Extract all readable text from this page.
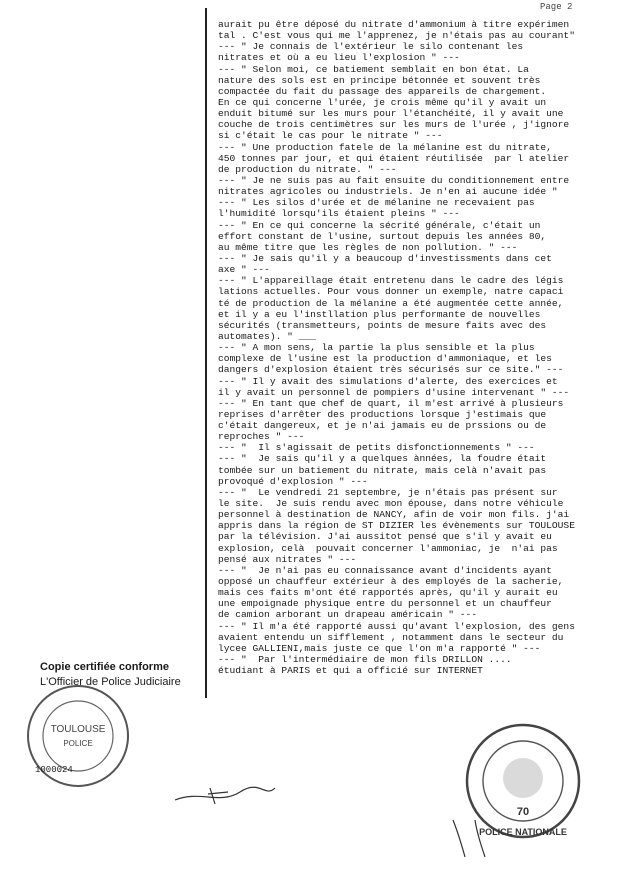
Page 2
aurait pu être déposé du nitrate d'ammonium à titre expérimen
tal . C'est vous qui me l'apprenez, je n'étais pas au courant"
--- " Je connais de l'extérieur le silo contenant les
nitrates et où a eu lieu l'explosion " ---
--- " Selon moi, ce batiement semblait en bon état. La
nature des sols est en principe bétonnée et souvent très
compactée du fait du passage des appareils de chargement.
En ce qui concerne l'urée, je crois même qu'il y avait un
enduit bitumé sur les murs pour l'étanchéité, il y avait une
couche de trois centimètres sur les murs de l'urée , j'ignore
si c'était le cas pour le nitrate " ---
--- " Une production fatele de la mélanine est du nitrate,
450 tonnes par jour, et qui étaient réutilisée  par l atelier
de production du nitrate. " ---
--- " Je ne suis pas au fait ensuite du conditionnement entre
nitrates agricoles ou industriels. Je n'en ai aucune idée "
--- " Les silos d'urée et de mélanine ne recevaient pas
l'humidité lorsqu'ils étaient pleins " ---
--- " En ce qui concerne la sécrité générale, c'était un
effort constant de l'usine, surtout depuis les années 80,
au même titre que les règles de non pollution. " ---
--- " Je sais qu'il y a beaucoup d'investissments dans cet
axe " ---
--- " L'appareillage était entretenu dans le cadre des légis
lations actuelles. Pour vous donner un exemple, natre capaci
té de production de la mélanine a été augmentée cette année,
et il y a eu l'instllation plus performante de nouvelles
sécurités (transmetteurs, points de mesure faits avec des
automates). " ___
--- " A mon sens, la partie la plus sensible et la plus
complexe de l'usine est la production d'ammoniaque, et les
dangers d'explosion étaient très sécurisés sur ce site." ---
--- " Il y avait des simulations d'alerte, des exercices et
il y avait un personnel de pompiers d'usine intervenant " ---
--- " En tant que chef de quart, il m'est arrivé à plusieurs
reprises d'arrêter des productions lorsque j'estimais que
c'était dangereux, et je n'ai jamais eu de prssions ou de
reproches " ---
--- "  Il s'agissait de petits disfonctionnements " ---
--- "  Je sais qu'il y a quelques ànnées, la foudre était
tombée sur un batiement du nitrate, mais celà n'avait pas
provoqué d'explosion " ---
--- "  Le vendredi 21 septembre, je n'étais pas présent sur
le site.  Je suis rendu avec mon épouse, dans notre véhicule
personnel à destination de NANCY, afin de voir mon fils. j'ai
appris dans la région de ST DIZIER les évènements sur TOULOUSE
par la télévision. J'ai aussitot pensé que s'il y avait eu
explosion, celà  pouvait concerner l'ammoniac, je  n'ai pas
pensé aux nitrates " ---
--- "  Je n'ai pas eu connaissance avant d'incidents ayant
opposé un chauffeur extérieur à des employés de la sacherie,
mais ces faits m'ont été rapportés après, qu'il y aurait eu
une empoignade physique entre du personnel et un chauffeur
de camion arborant un drapeau américain " ---
--- " Il m'a été rapporté aussi qu'avant l'explosion, des gens
avaient entendu un sifflement , notamment dans le secteur du
lycee GALLIENI,mais juste ce que l'on m'a rapporté " ---
--- "  Par l'intermédiaire de mon fils DRILLON ....
étudiant à PARIS et qui a officié sur INTERNET
Copie certifiée conforme
L'Officier de Police Judiciaire
TOULOUSE
POLICE
1000024
70
POLICE NATIONALE
